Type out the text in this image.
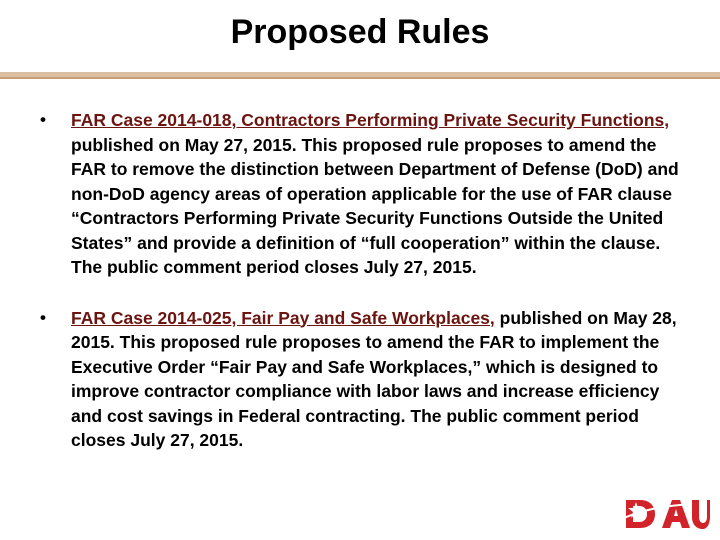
Proposed Rules
• FAR Case 2014-018, Contractors Performing Private Security Functions, published on May 27, 2015. This proposed rule proposes to amend the FAR to remove the distinction between Department of Defense (DoD) and non-DoD agency areas of operation applicable for the use of FAR clause “Contractors Performing Private Security Functions Outside the United States” and provide a definition of “full cooperation” within the clause. The public comment period closes July 27, 2015.
• FAR Case 2014-025, Fair Pay and Safe Workplaces, published on May 28, 2015. This proposed rule proposes to amend the FAR to implement the Executive Order “Fair Pay and Safe Workplaces,” which is designed to improve contractor compliance with labor laws and increase efficiency and cost savings in Federal contracting. The public comment period closes July 27, 2015.
